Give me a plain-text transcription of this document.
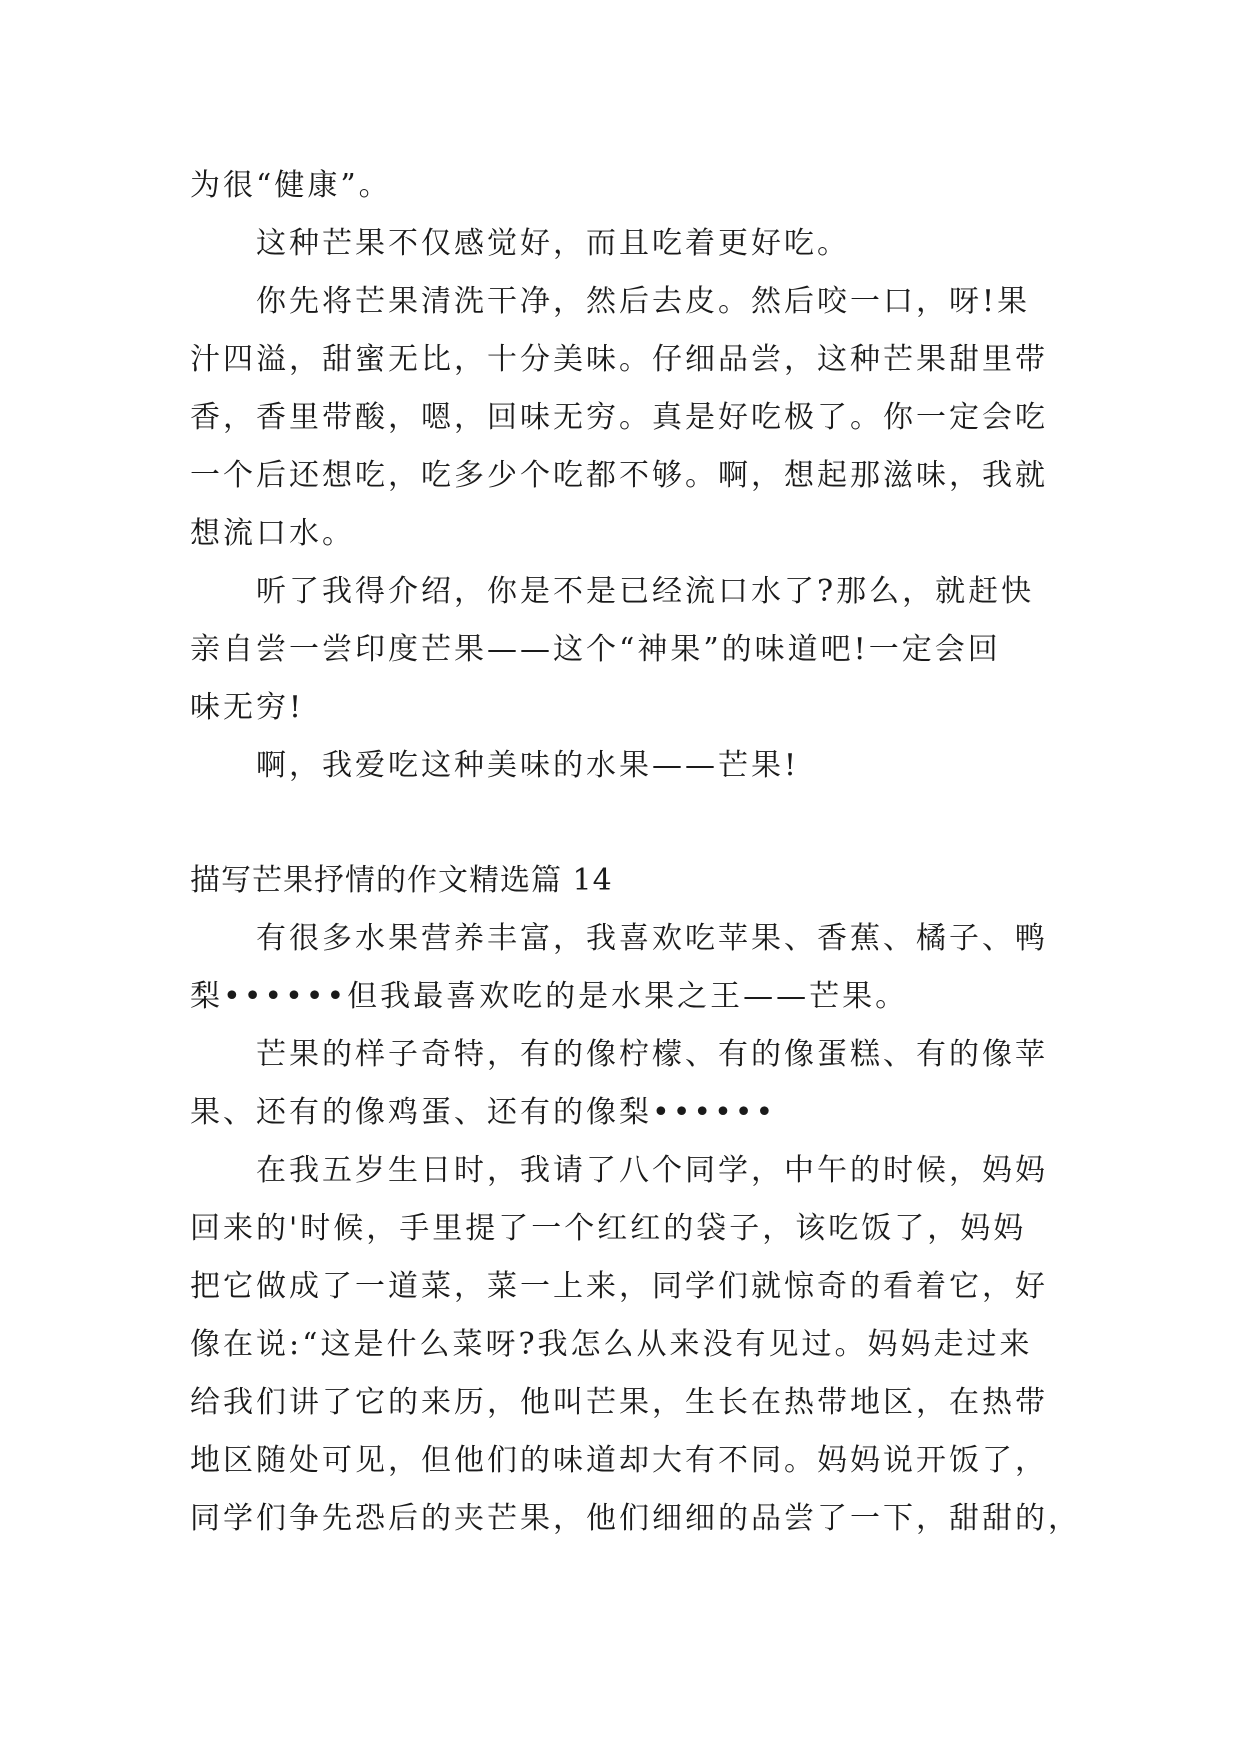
为很“健康”。
这种芒果不仅感觉好，而且吃着更好吃。
你先将芒果清洗干净，然后去皮。然后咬一口，呀!果
汁四溢，甜蜜无比，十分美味。仔细品尝，这种芒果甜里带
香，香里带酸，嗯，回味无穷。真是好吃极了。你一定会吃
一个后还想吃，吃多少个吃都不够。啊，想起那滋味，我就
想流口水。
听了我得介绍，你是不是已经流口水了?那么，就赶快
亲自尝一尝印度芒果——这个“神果”的味道吧!一定会回
味无穷!
啊，我爱吃这种美味的水果——芒果!
描写芒果抒情的作文精选篇 14
有很多水果营养丰富，我喜欢吃苹果、香蕉、橘子、鸭
梨••••••但我最喜欢吃的是水果之王——芒果。
芒果的样子奇特，有的像柠檬、有的像蛋糕、有的像苹
果、还有的像鸡蛋、还有的像梨••••••
在我五岁生日时，我请了八个同学，中午的时候，妈妈
回来的'时候，手里提了一个红红的袋子，该吃饭了，妈妈
把它做成了一道菜，菜一上来，同学们就惊奇的看着它，好
像在说:“这是什么菜呀?我怎么从来没有见过。妈妈走过来
给我们讲了它的来历，他叫芒果，生长在热带地区，在热带
地区随处可见，但他们的味道却大有不同。妈妈说开饭了，
同学们争先恐后的夹芒果，他们细细的品尝了一下，甜甜的，
